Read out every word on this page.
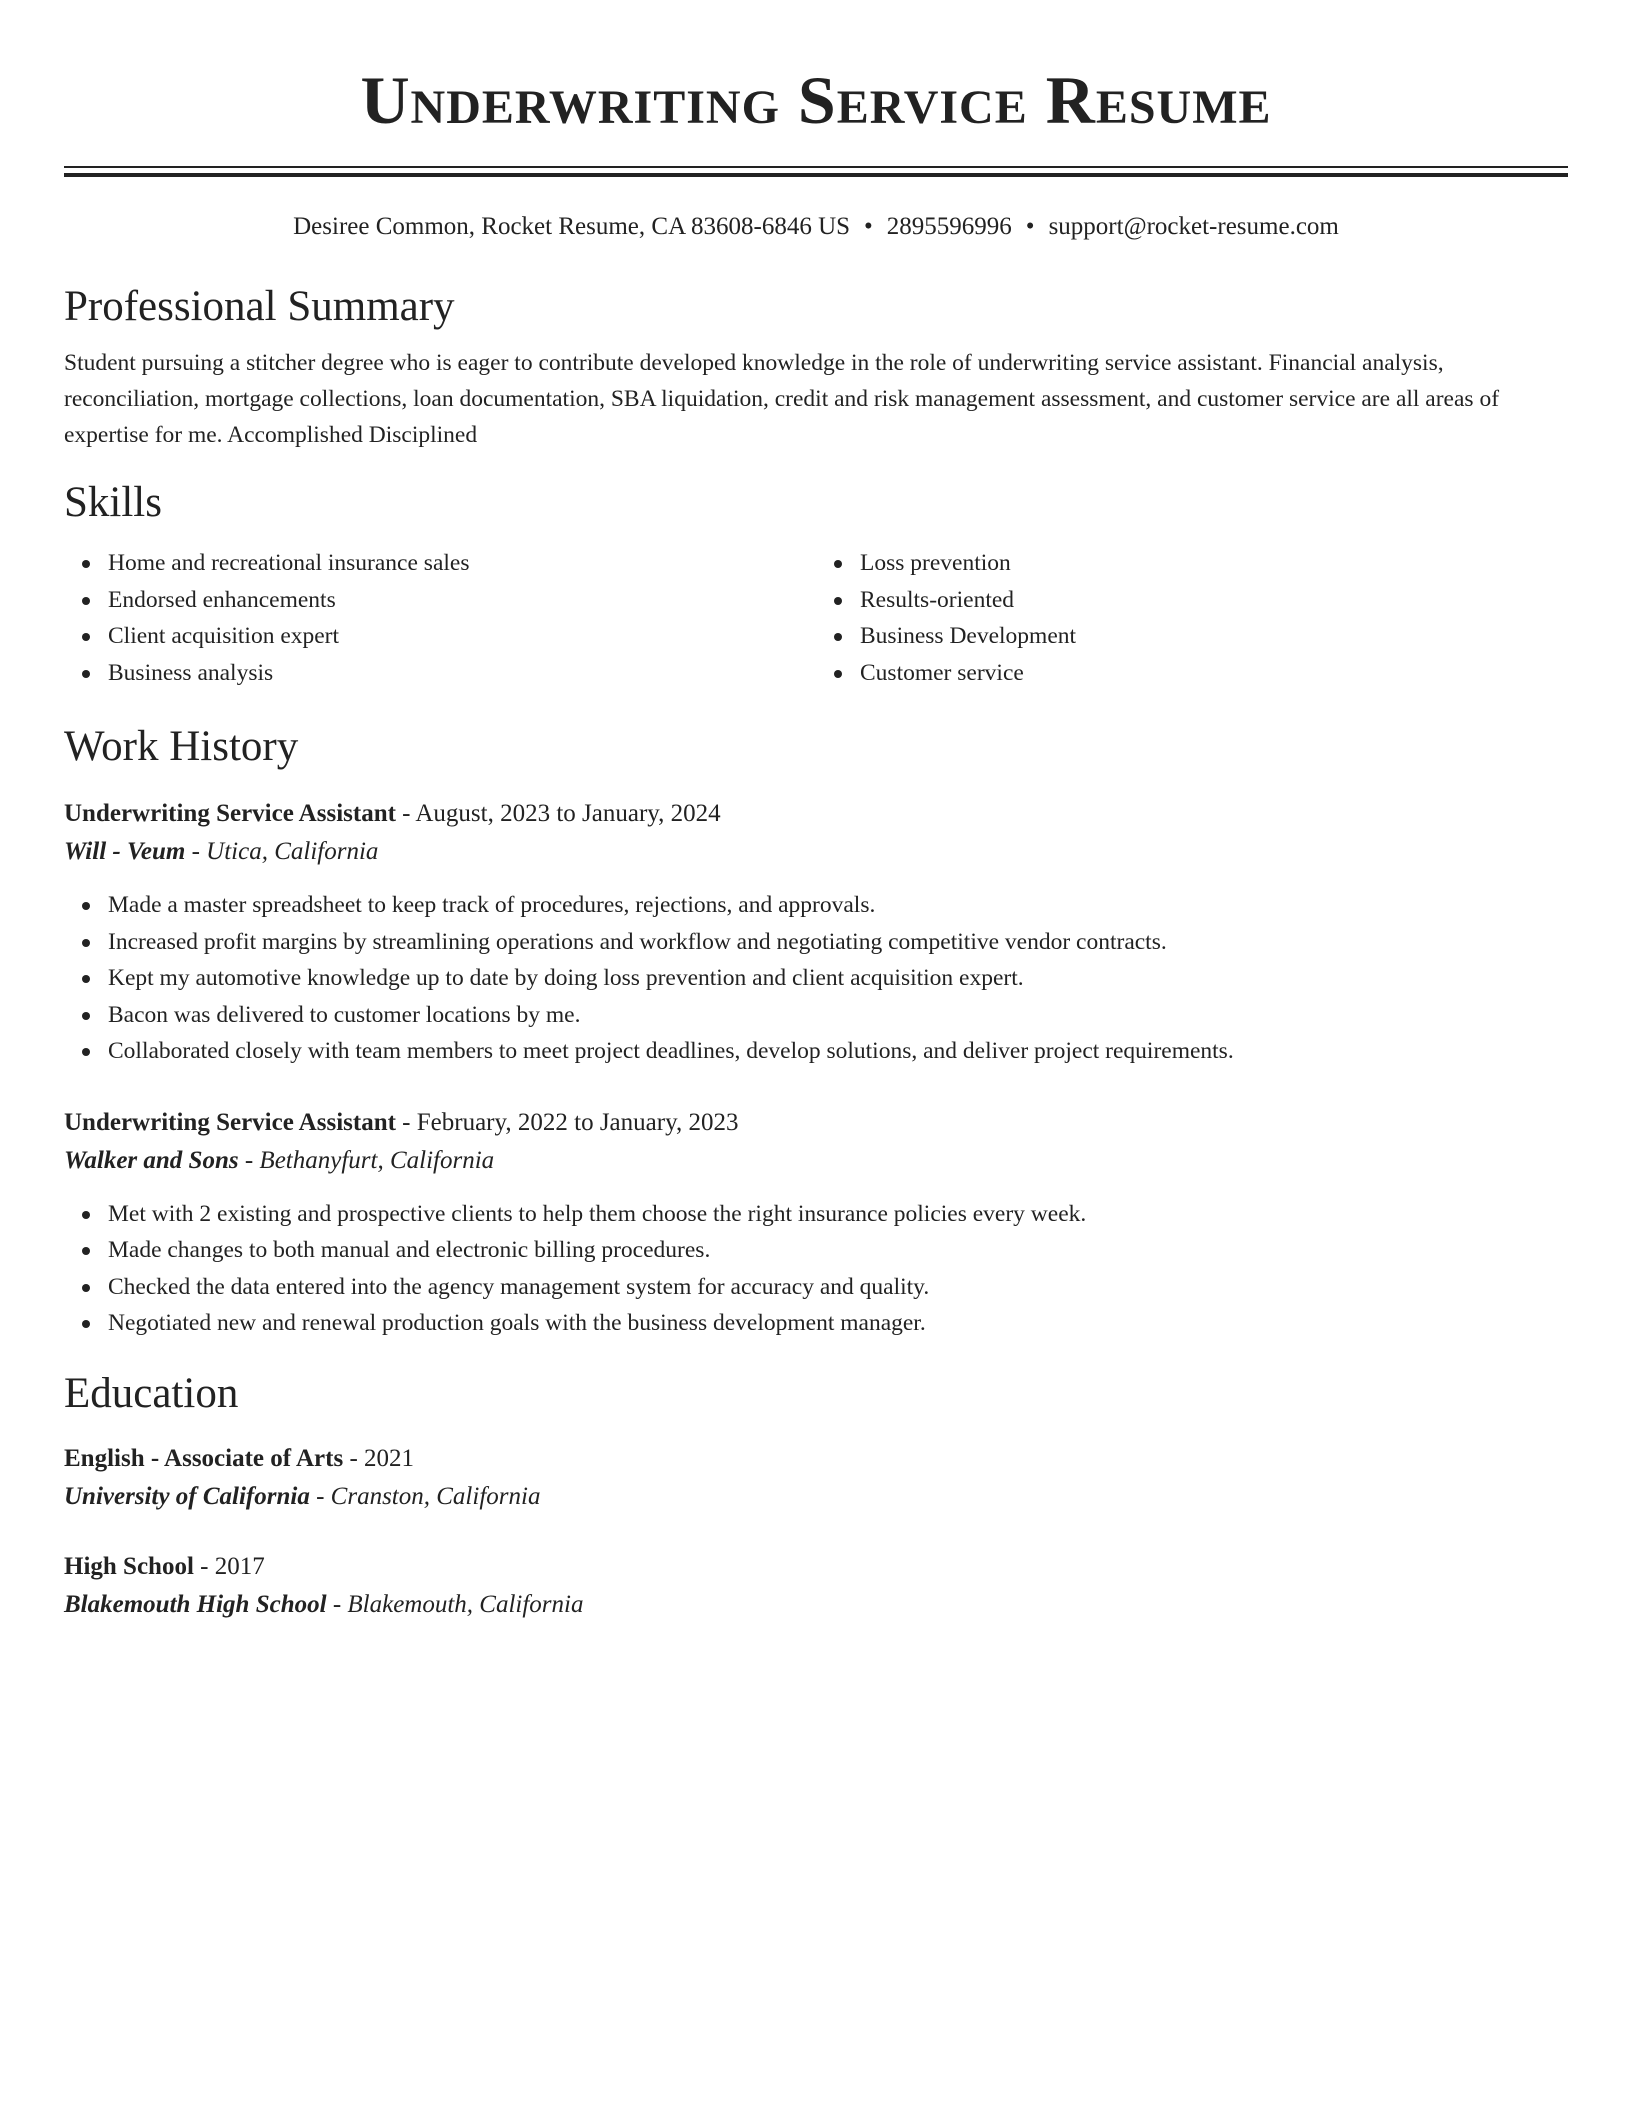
Underwriting Service Resume
Desiree Common, Rocket Resume, CA 83608-6846 US • 2895596996 • support@rocket-resume.com
Professional Summary
Student pursuing a stitcher degree who is eager to contribute developed knowledge in the role of underwriting service assistant. Financial analysis, reconciliation, mortgage collections, loan documentation, SBA liquidation, credit and risk management assessment, and customer service are all areas of expertise for me. Accomplished Disciplined
Skills
Home and recreational insurance sales
Endorsed enhancements
Client acquisition expert
Business analysis
Loss prevention
Results-oriented
Business Development
Customer service
Work History
Underwriting Service Assistant - August, 2023 to January, 2024
Will - Veum - Utica, California
Made a master spreadsheet to keep track of procedures, rejections, and approvals.
Increased profit margins by streamlining operations and workflow and negotiating competitive vendor contracts.
Kept my automotive knowledge up to date by doing loss prevention and client acquisition expert.
Bacon was delivered to customer locations by me.
Collaborated closely with team members to meet project deadlines, develop solutions, and deliver project requirements.
Underwriting Service Assistant - February, 2022 to January, 2023
Walker and Sons - Bethanyfurt, California
Met with 2 existing and prospective clients to help them choose the right insurance policies every week.
Made changes to both manual and electronic billing procedures.
Checked the data entered into the agency management system for accuracy and quality.
Negotiated new and renewal production goals with the business development manager.
Education
English - Associate of Arts - 2021
University of California - Cranston, California
High School - 2017
Blakemouth High School - Blakemouth, California
